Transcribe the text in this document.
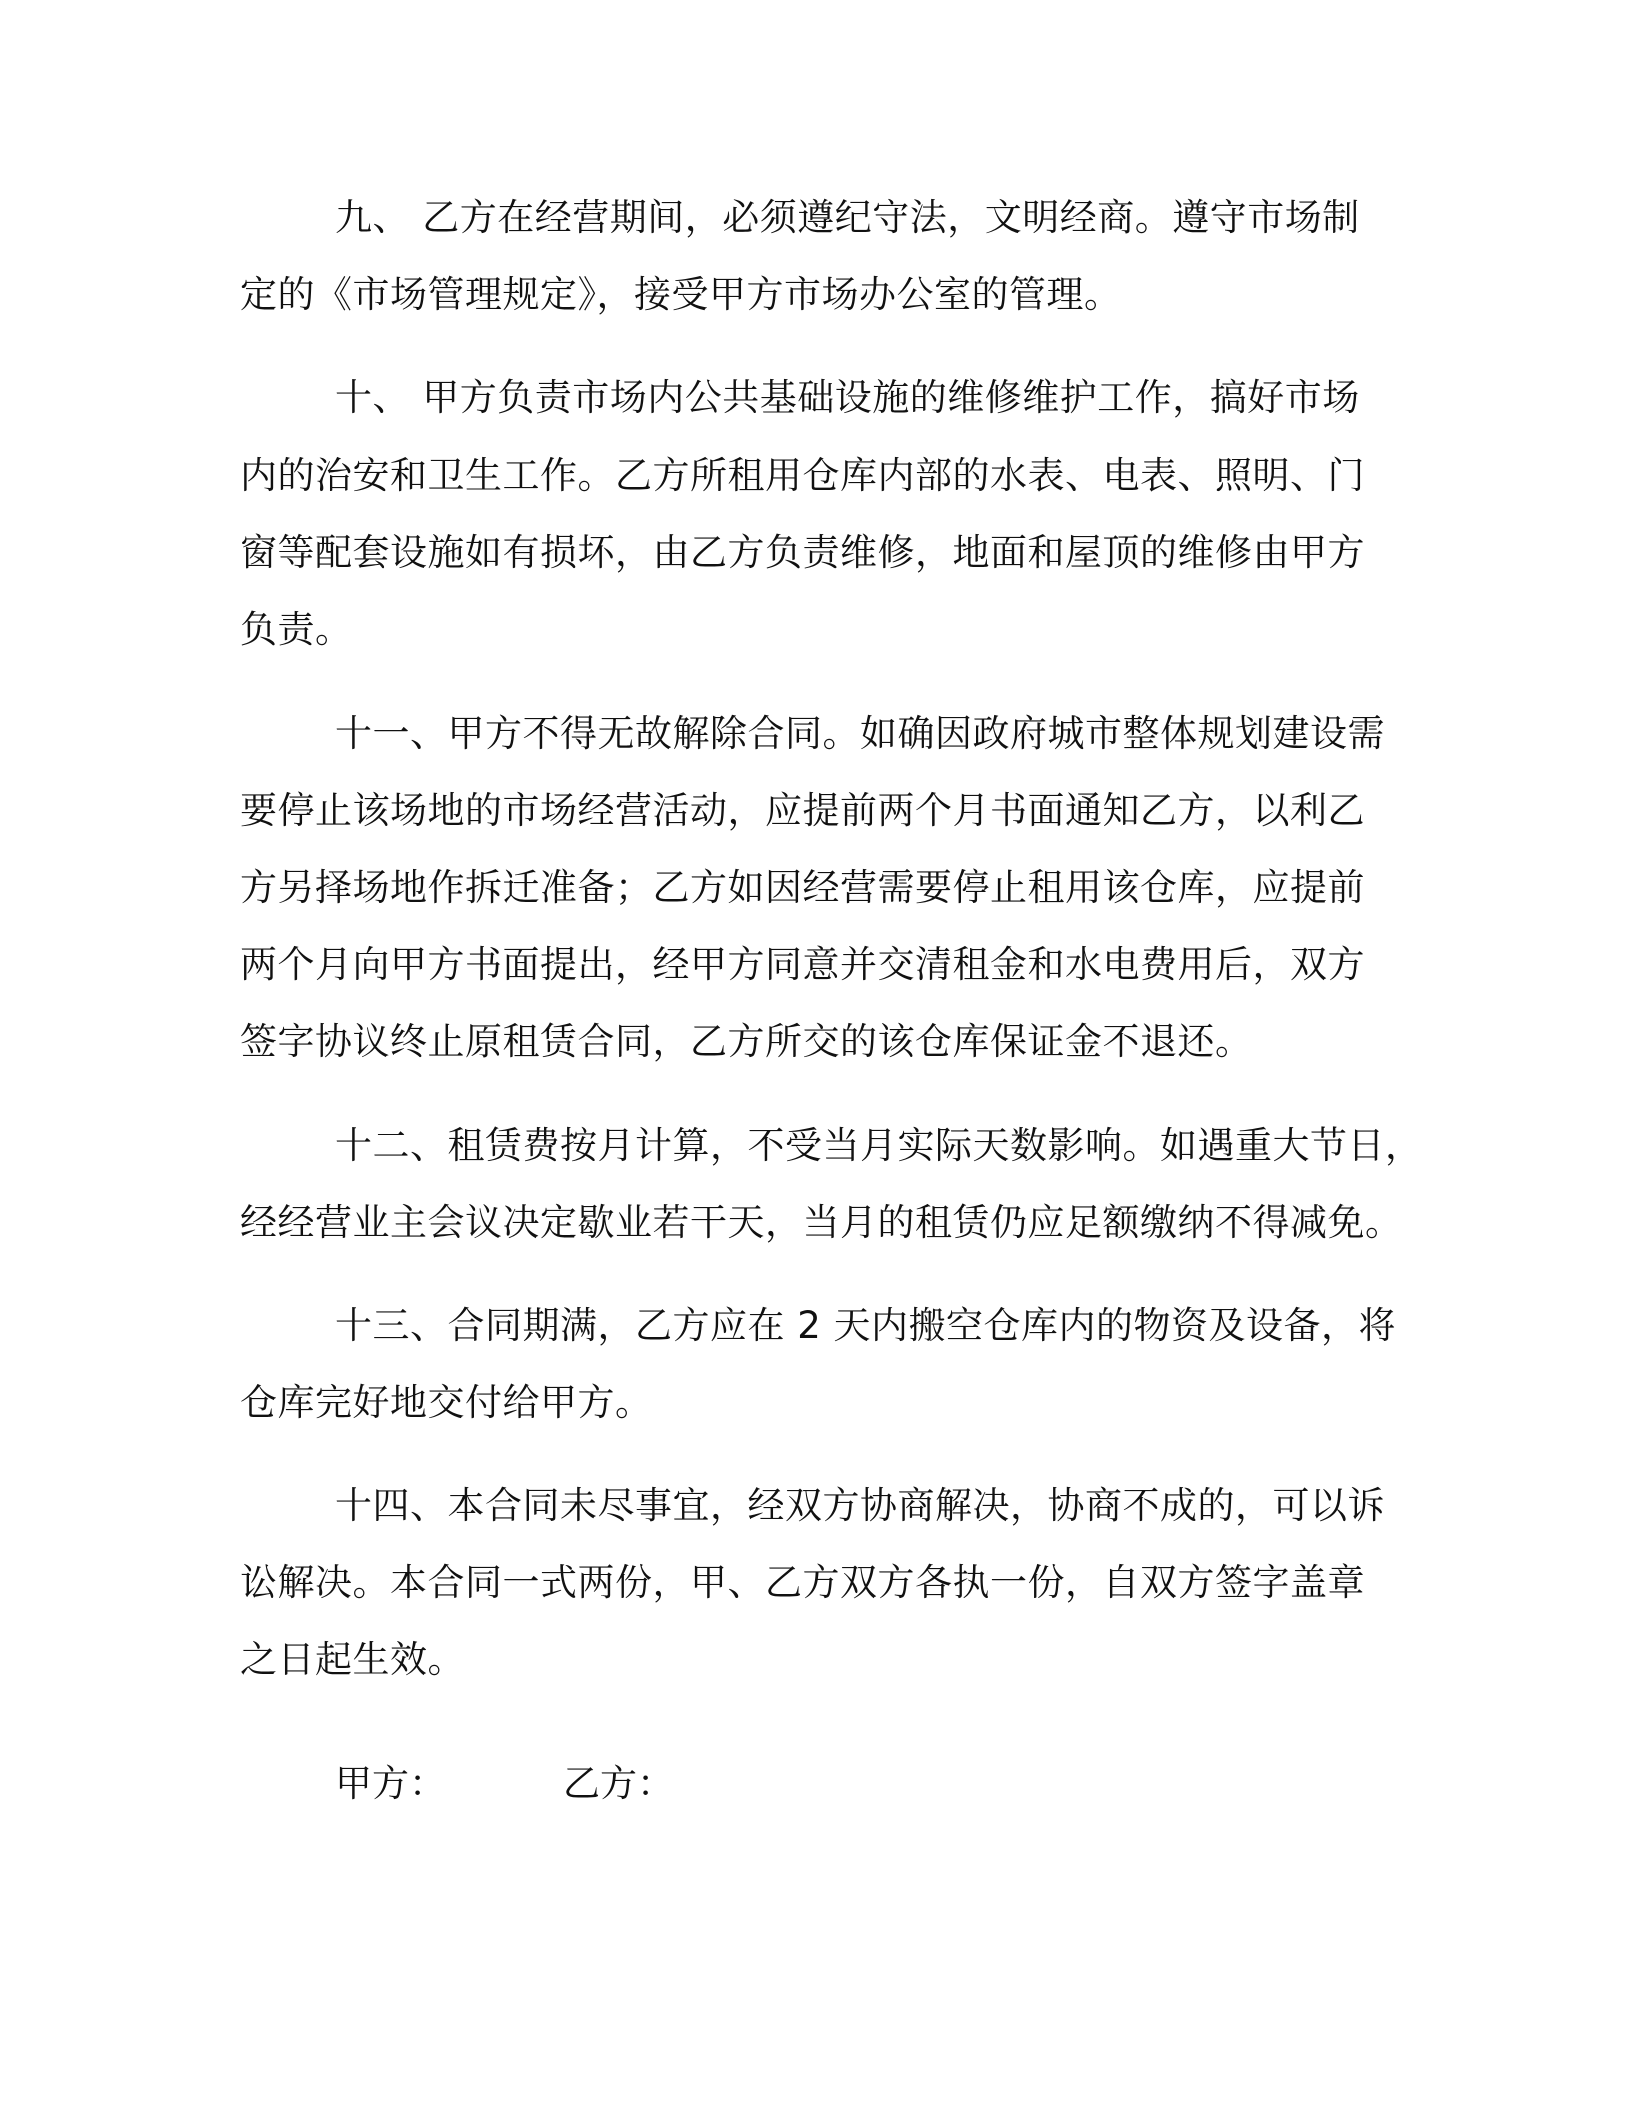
九、 乙方在经营期间，必须遵纪守法，文明经商。遵守市场制
定的《市场管理规定》，接受甲方市场办公室的管理。
十、 甲方负责市场内公共基础设施的维修维护工作，搞好市场
内的治安和卫生工作。乙方所租用仓库内部的水表、电表、照明、门
窗等配套设施如有损坏，由乙方负责维修，地面和屋顶的维修由甲方
负责。
十一、甲方不得无故解除合同。如确因政府城市整体规划建设需
要停止该场地的市场经营活动，应提前两个月书面通知乙方，以利乙
方另择场地作拆迁准备；乙方如因经营需要停止租用该仓库，应提前
两个月向甲方书面提出，经甲方同意并交清租金和水电费用后，双方
签字协议终止原租赁合同，乙方所交的该仓库保证金不退还。
十二、租赁费按月计算，不受当月实际天数影响。如遇重大节日，
经经营业主会议决定歇业若干天，当月的租赁仍应足额缴纳不得减免。
十三、合同期满，乙方应在 2 天内搬空仓库内的物资及设备，将
仓库完好地交付给甲方。
十四、本合同未尽事宜，经双方协商解决，协商不成的，可以诉
讼解决。本合同一式两份，甲、乙方双方各执一份，自双方签字盖章
之日起生效。
甲方：	乙方：
